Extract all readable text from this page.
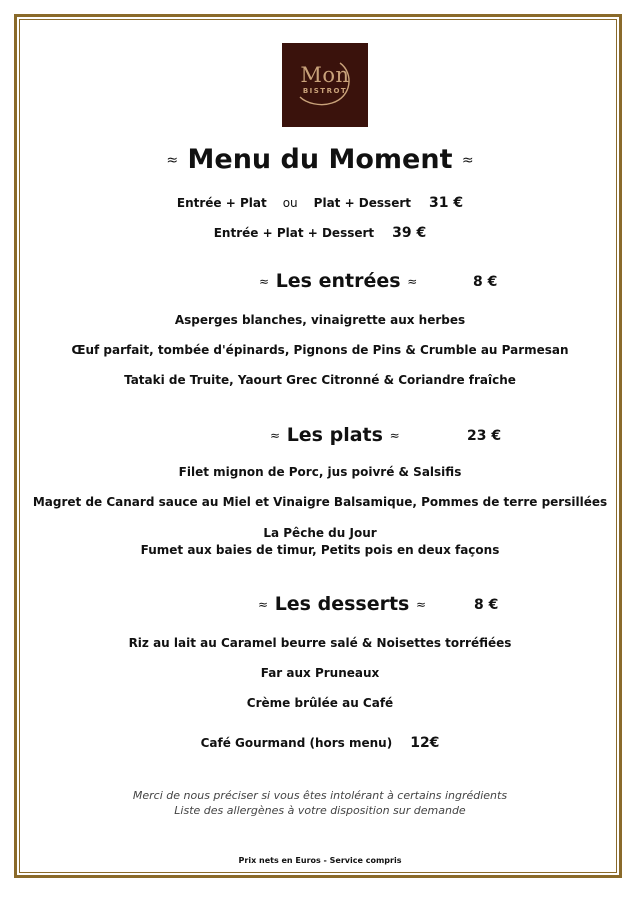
Mon
BISTROT
≈ Menu du Moment ≈
Entrée + Plat ou Plat + Dessert 31 €
Entrée + Plat + Dessert 39 €
≈ Les entrées ≈	8 €
Asperges blanches, vinaigrette aux herbes
Œuf parfait, tombée d'épinards, Pignons de Pins & Crumble au Parmesan
Tataki de Truite, Yaourt Grec Citronné & Coriandre fraîche
≈ Les plats ≈	23 €
Filet mignon de Porc, jus poivré & Salsifis
Magret de Canard sauce au Miel et Vinaigre Balsamique, Pommes de terre persillées
La Pêche du Jour
Fumet aux baies de timur, Petits pois en deux façons
≈ Les desserts ≈	8 €
Riz au lait au Caramel beurre salé & Noisettes torréfiées
Far aux Pruneaux
Crème brûlée au Café
Café Gourmand (hors menu) 12€
Merci de nous préciser si vous êtes intolérant à certains ingrédients
Liste des allergènes à votre disposition sur demande
Prix nets en Euros - Service compris
